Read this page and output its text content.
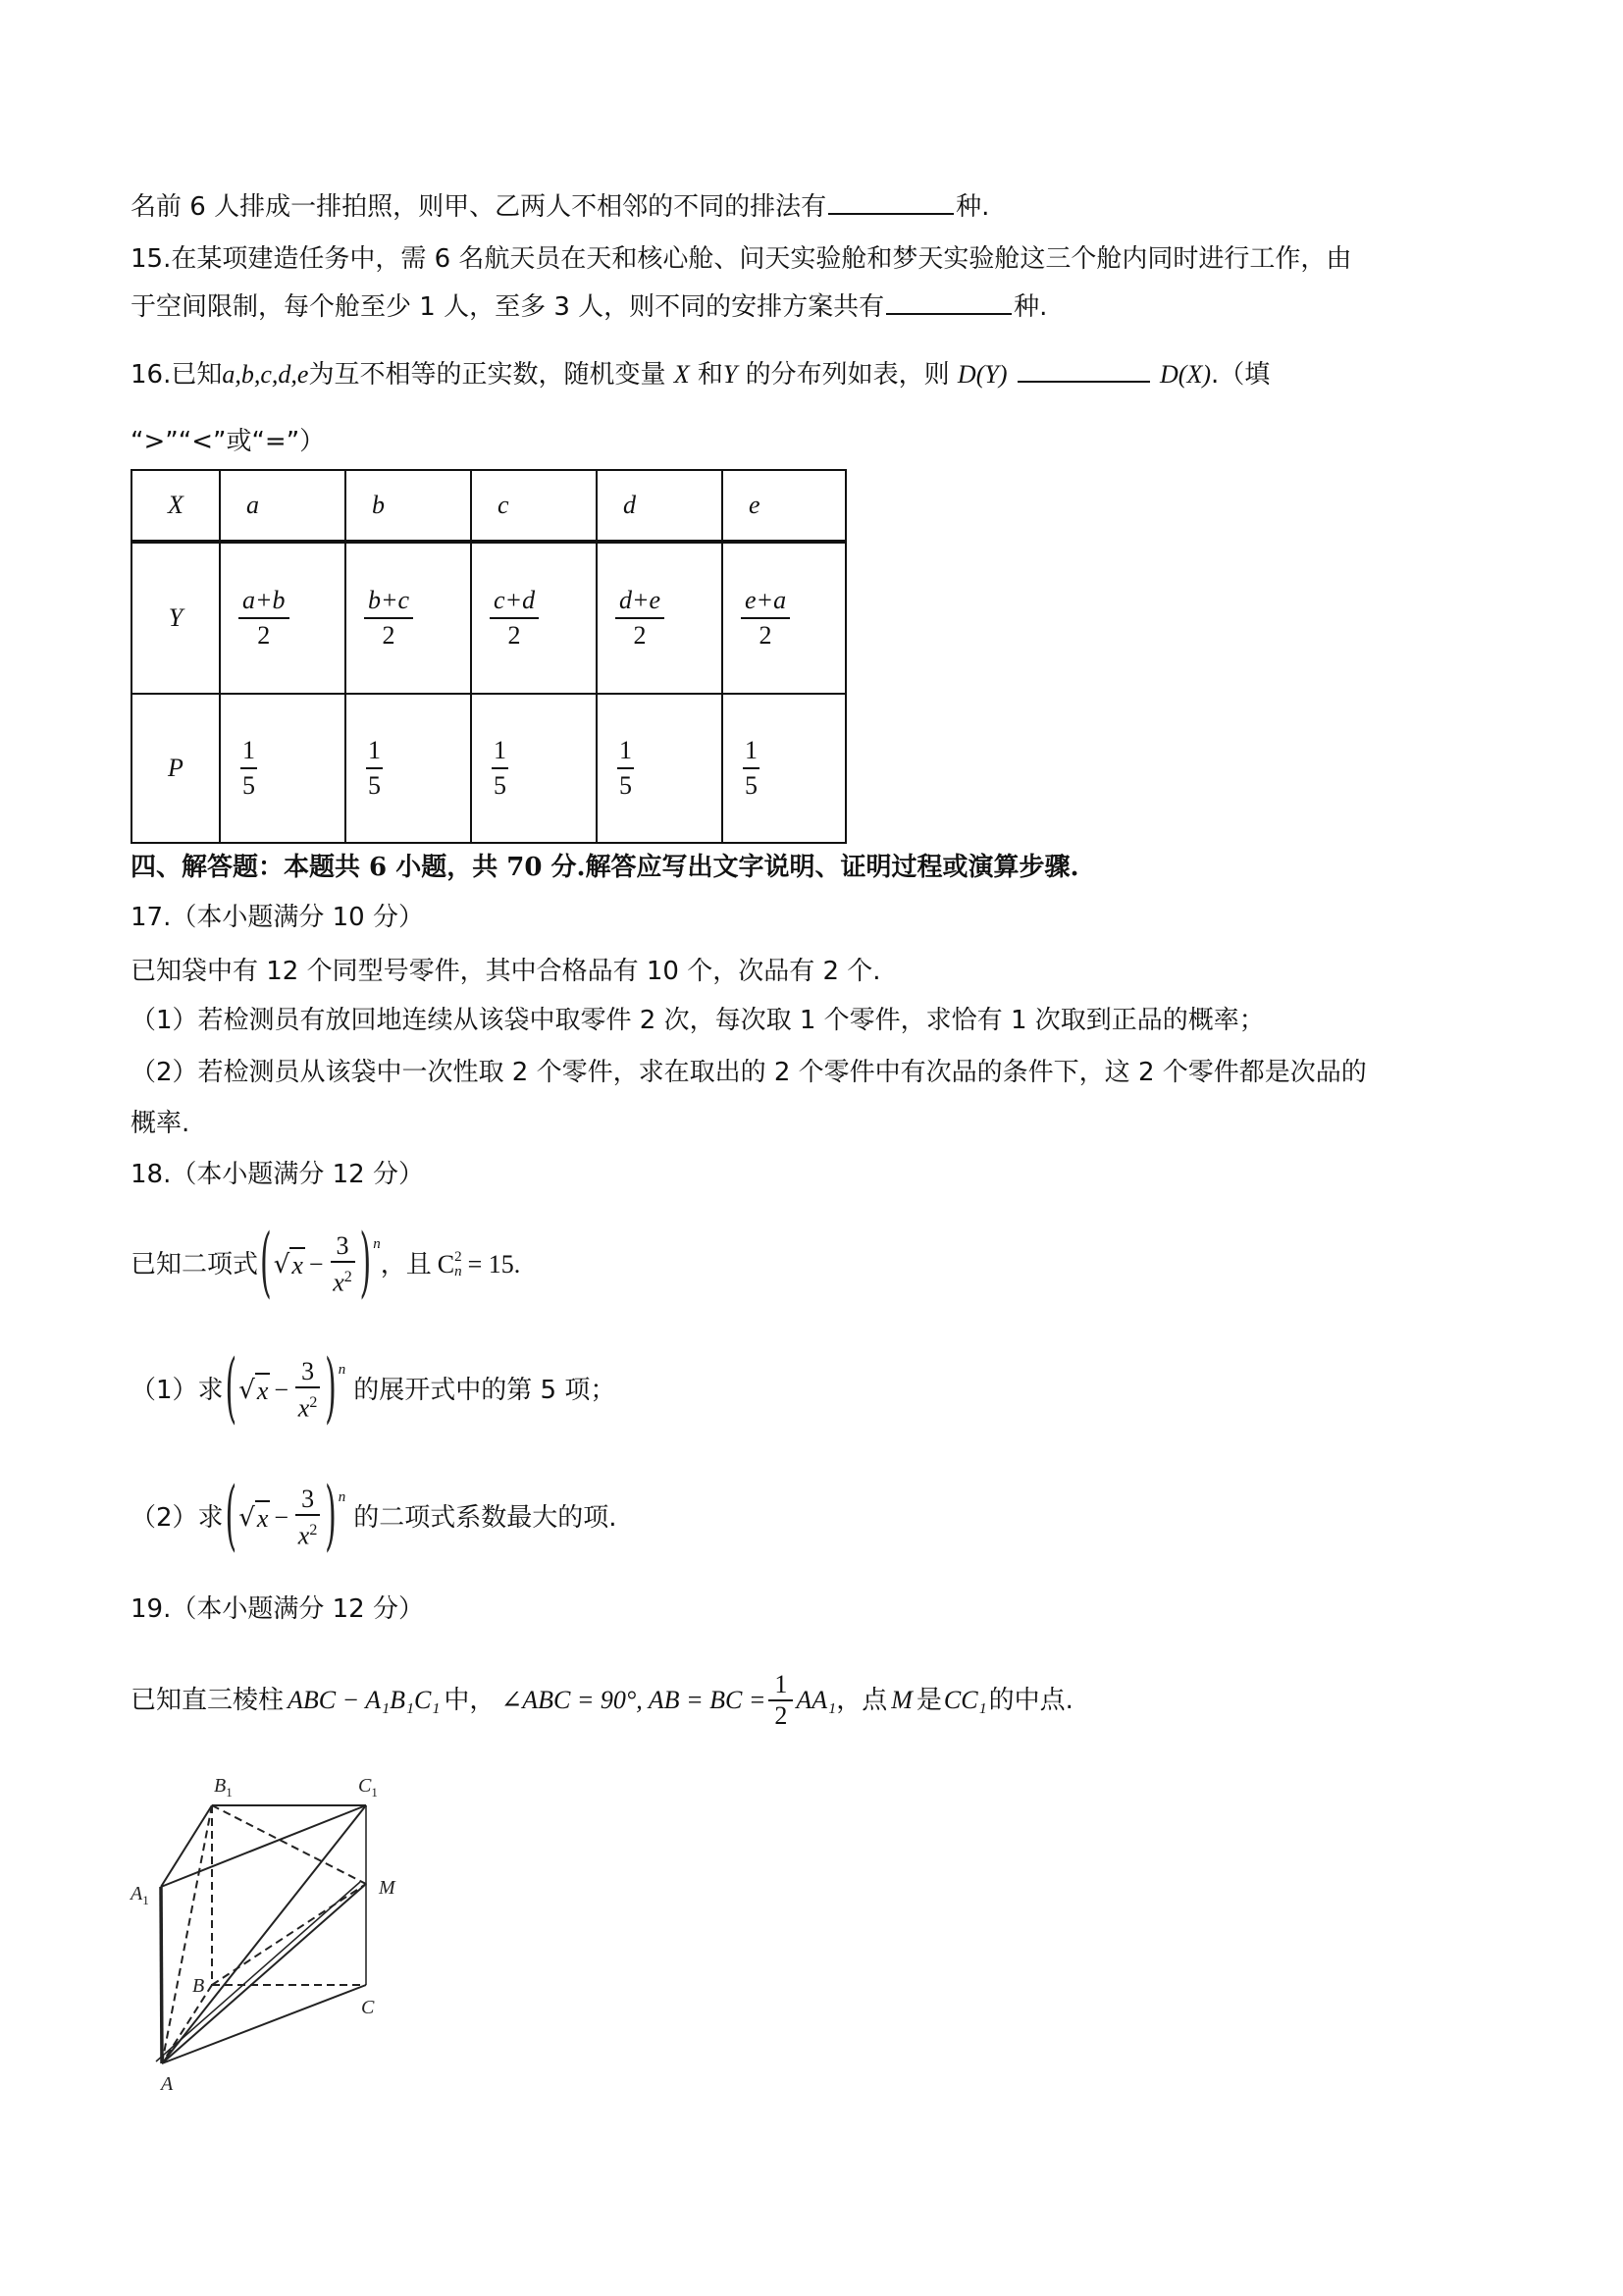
名前 6 人排成一排拍照，则甲、乙两人不相邻的不同的排法有	种.
15.在某项建造任务中，需 6 名航天员在天和核心舱、问天实验舱和梦天实验舱这三个舱内同时进行工作，由
于空间限制，每个舱至少 1 人，至多 3 人，则不同的安排方案共有	种.
16.已知a,b,c,d,e为互不相等的正实数，随机变量 X 和Y 的分布列如表，则 D(Y)	D(X).（填
“>”“<”或“=”）
X	a	b	c	d	e
Y	$\frac{a+b}{2}$	$\frac{b+c}{2}$	$\frac{c+d}{2}$	$\frac{d+e}{2}$	$\frac{e+a}{2}$

P	$\frac{1}{5}$	$\frac{1}{5}$	$\frac{1}{5}$	$\frac{1}{5}$	$\frac{1}{5}$
四、解答题：本题共 6 小题，共 70 分.解答应写出文字说明、证明过程或演算步骤.
17.（本小题满分 10 分）
已知袋中有 12 个同型号零件，其中合格品有 10 个，次品有 2 个.
（1）若检测员有放回地连续从该袋中取零件 2 次，每次取 1 个零件，求恰有 1 次取到正品的概率；
（2）若检测员从该袋中一次性取 2 个零件，求在取出的 2 个零件中有次品的条件下，这 2 个零件都是次品的
概率.
18.（本小题满分 12 分）
已知二项式 ( √ $x - \frac{3}{x^2}$ ) n
，且 C 2
n = 15.
（1）求 ( √ $x - \frac{3}{x^2}$ ) n
的展开式中的第 5 项；
（2）求 ( √ $x - \frac{3}{x^2}$ ) n
的二项式系数最大的项.
19.（本小题满分 12 分）
已知直三棱柱 ABC − A₁B₁C₁ 中， ∠ABC = 90°, AB = BC = $\frac{1}{2} AA_1$ ，点 M 是 CC₁ 的中点.
$B_1$	$C_1$
$A_1$
M
B
C
A
